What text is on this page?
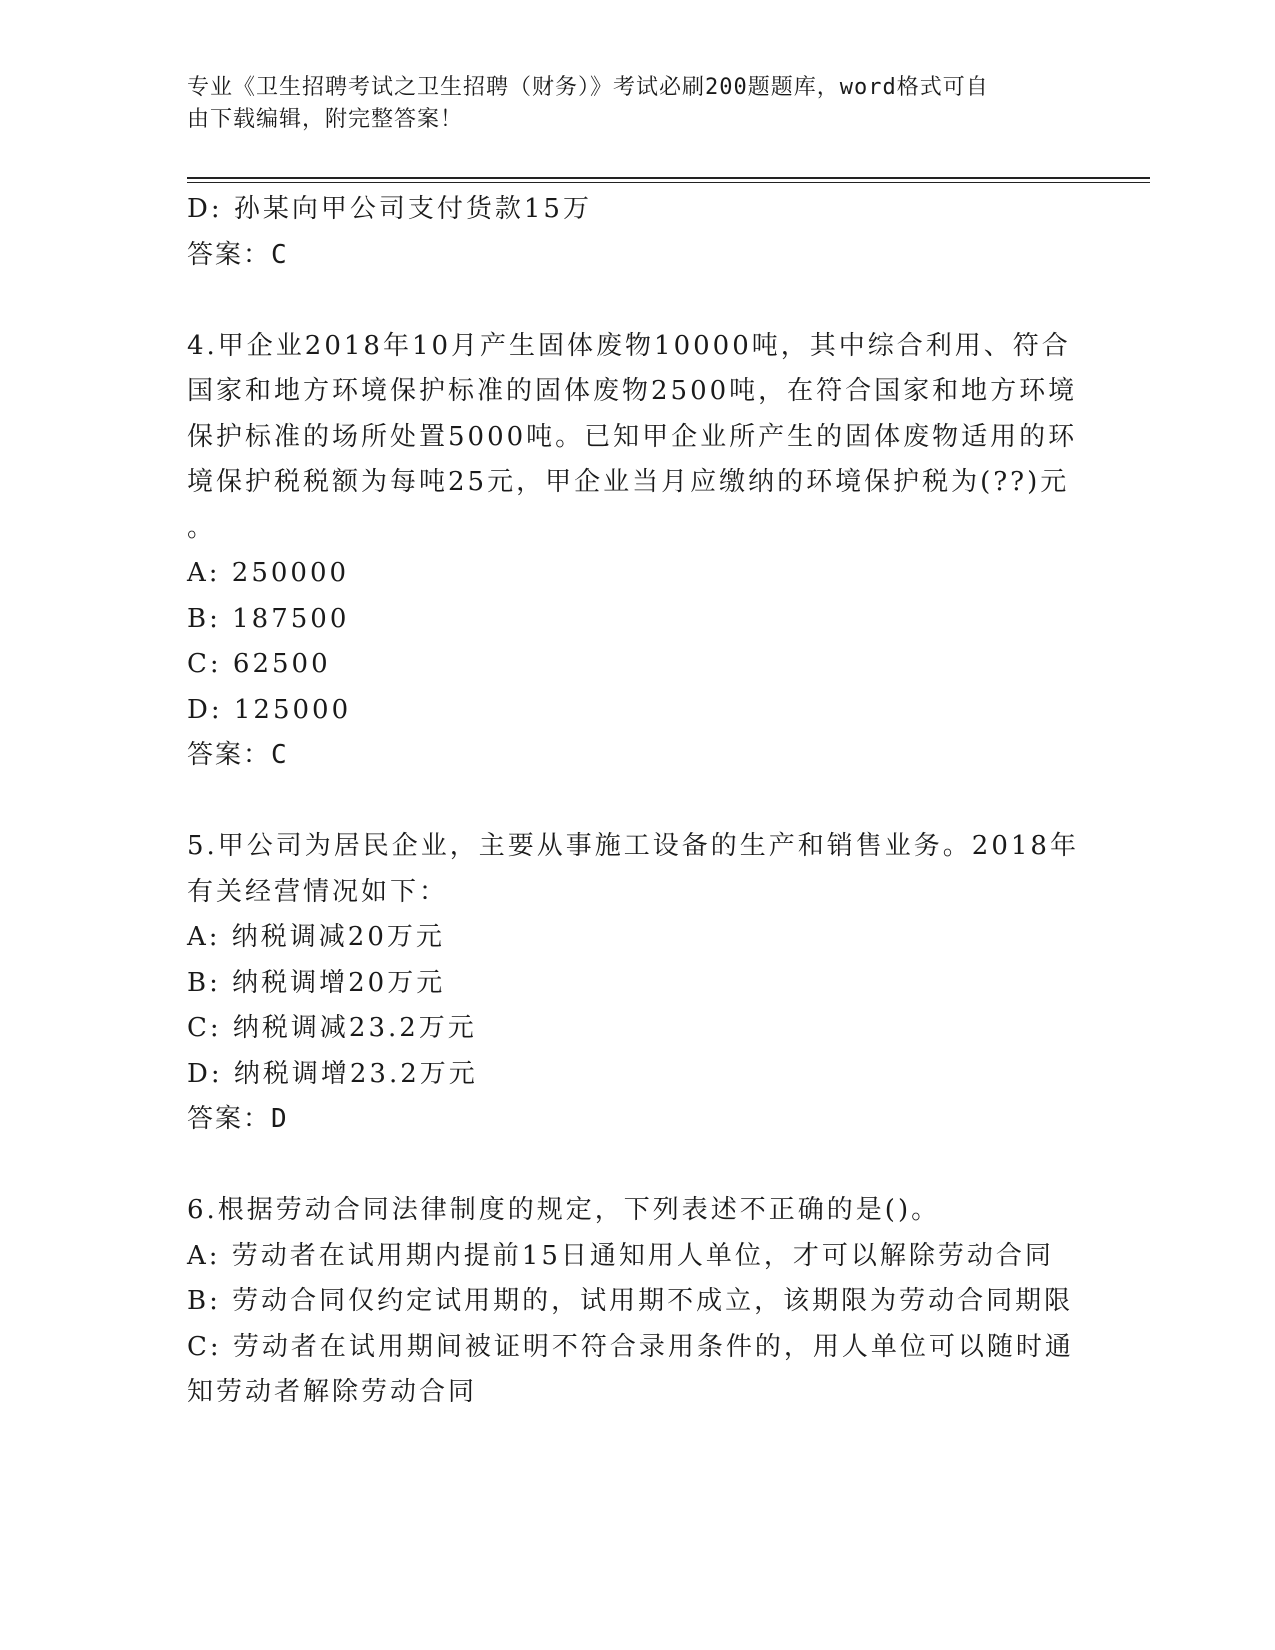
专业《卫生招聘考试之卫生招聘（财务）》考试必刷200题题库，word格式可自
由下载编辑，附完整答案！
D: 孙某向甲公司支付货款15万
答案：C
4.甲企业2018年10月产生固体废物10000吨，其中综合利用、符合
国家和地方环境保护标准的固体废物2500吨，在符合国家和地方环境
保护标准的场所处置5000吨。已知甲企业所产生的固体废物适用的环
境保护税税额为每吨25元，甲企业当月应缴纳的环境保护税为(??)元
。
A: 250000
B: 187500
C: 62500
D: 125000
答案：C
5.甲公司为居民企业，主要从事施工设备的生产和销售业务。2018年
有关经营情况如下：
A: 纳税调减20万元
B: 纳税调增20万元
C: 纳税调减23.2万元
D: 纳税调增23.2万元
答案：D
6.根据劳动合同法律制度的规定，下列表述不正确的是()。
A: 劳动者在试用期内提前15日通知用人单位，才可以解除劳动合同
B: 劳动合同仅约定试用期的，试用期不成立，该期限为劳动合同期限
C: 劳动者在试用期间被证明不符合录用条件的，用人单位可以随时通
知劳动者解除劳动合同
